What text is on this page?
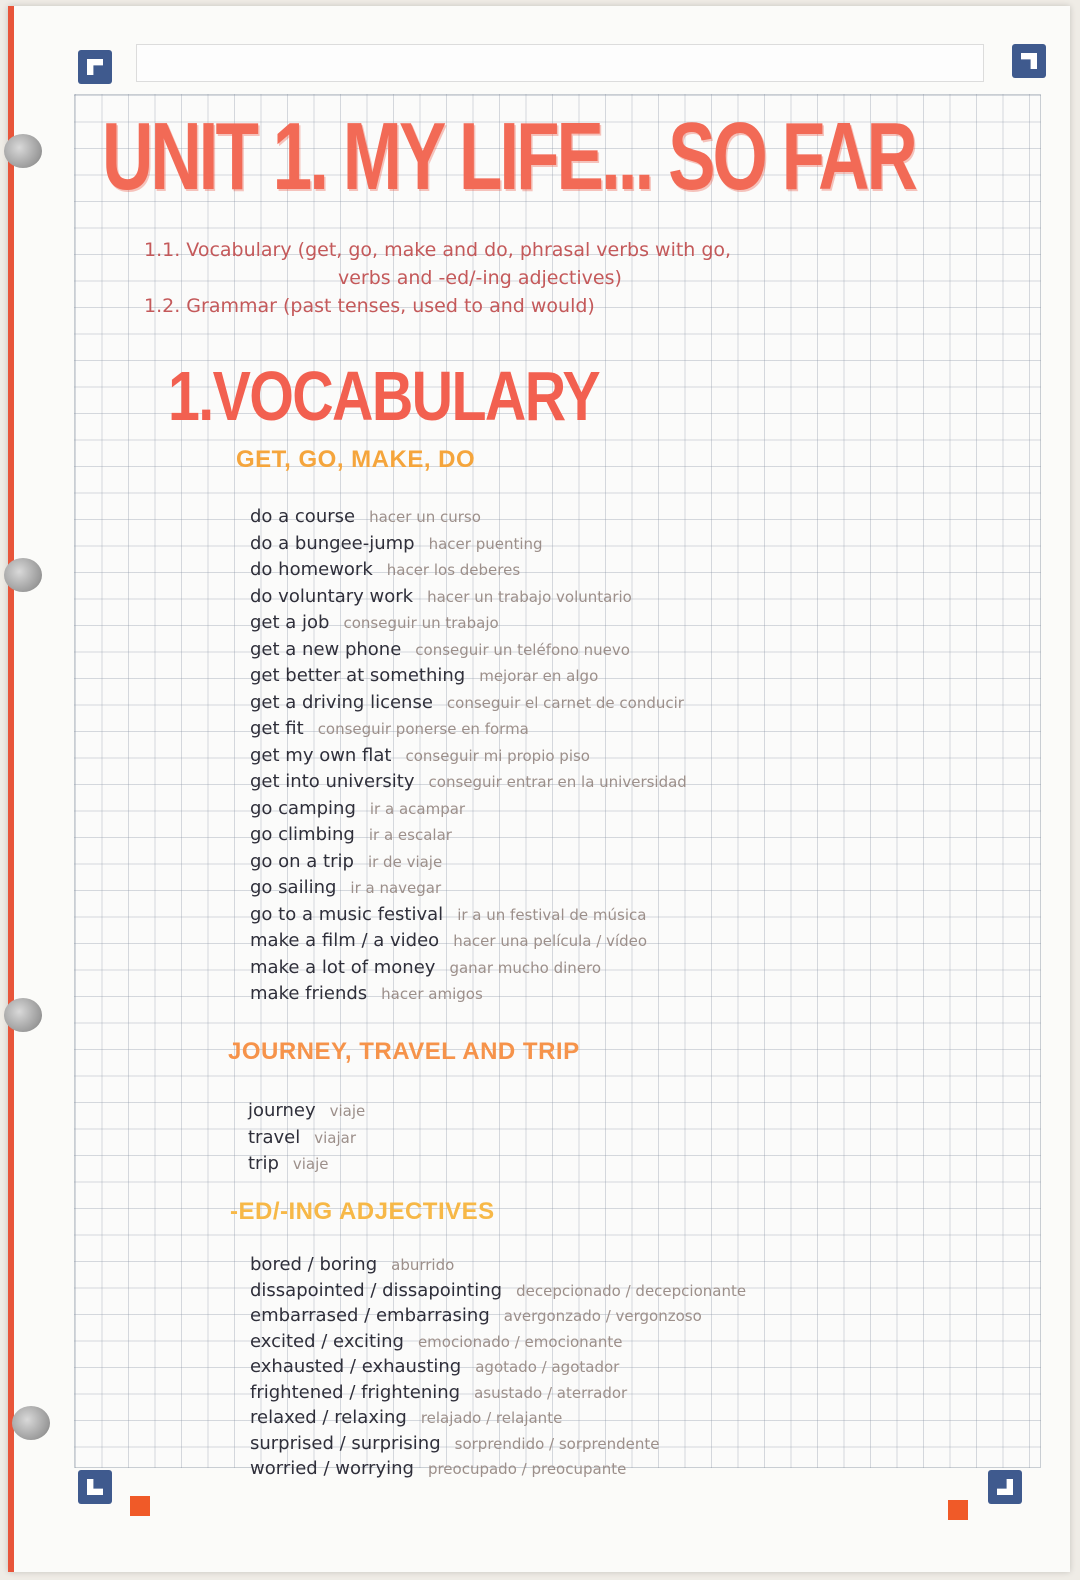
UNIT 1. MY LIFE... SO FAR
1.1. Vocabulary (get, go, make and do, phrasal verbs with go,
verbs and -ed/-ing adjectives)
1.2. Grammar (past tenses, used to and would)
1.VOCABULARY
GET, GO, MAKE, DO
do a course hacer un curso
do a bungee-jump hacer puenting
do homework hacer los deberes
do voluntary work hacer un trabajo voluntario
get a job conseguir un trabajo
get a new phone conseguir un teléfono nuevo
get better at something mejorar en algo
get a driving license conseguir el carnet de conducir
get fit conseguir ponerse en forma
get my own flat conseguir mi propio piso
get into university conseguir entrar en la universidad
go camping ir a acampar
go climbing ir a escalar
go on a trip ir de viaje
go sailing ir a navegar
go to a music festival ir a un festival de música
make a film / a video hacer una película / vídeo
make a lot of money ganar mucho dinero
make friends hacer amigos
JOURNEY, TRAVEL AND TRIP
journey viaje
travel viajar
trip viaje
-ED/-ING ADJECTIVES
bored / boring aburrido
dissapointed / dissapointing decepcionado / decepcionante
embarrased / embarrasing avergonzado / vergonzoso
excited / exciting emocionado / emocionante
exhausted / exhausting agotado / agotador
frightened / frightening asustado / aterrador
relaxed / relaxing relajado / relajante
surprised / surprising sorprendido / sorprendente
worried / worrying preocupado / preocupante
